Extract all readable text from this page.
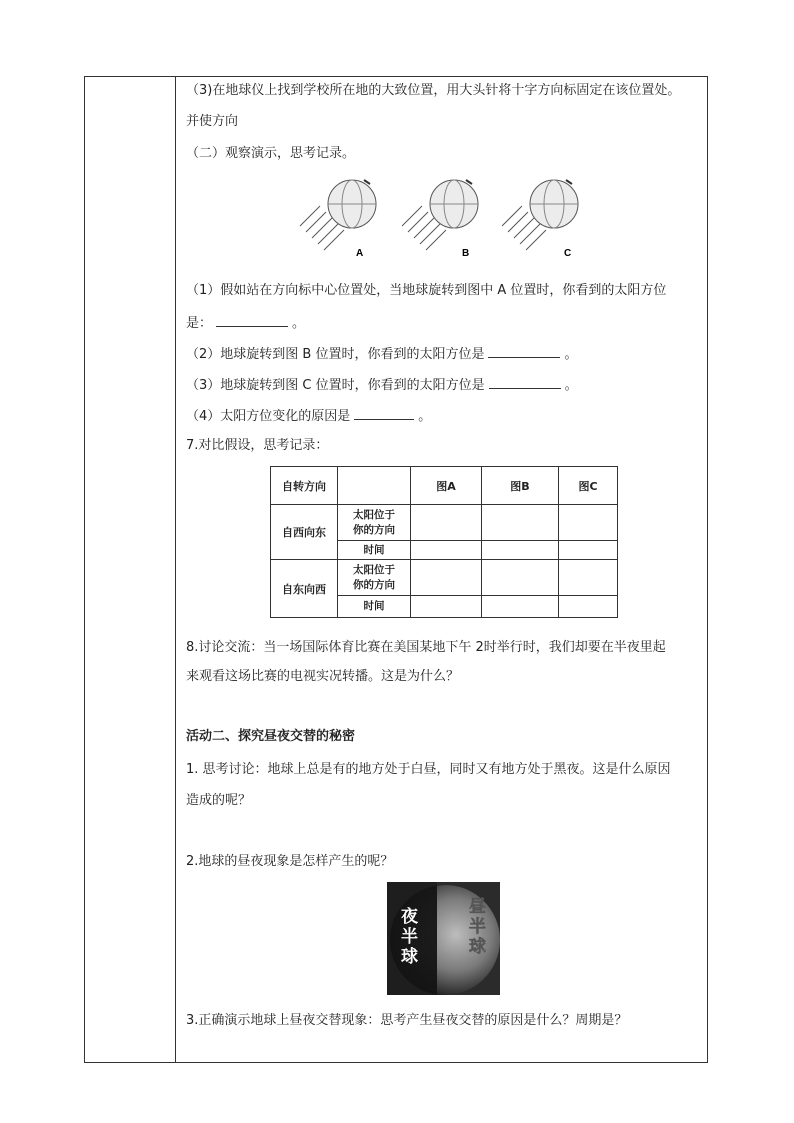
（3)在地球仪上找到学校所在地的大致位置，用大头针将十字方向标固定在该位置处。
并使方向
（二）观察演示，思考记录。
A	B	C
（1）假如站在方向标中心位置处，当地球旋转到图中 A 位置时，你看到的太阳方位
是：	。
（2）地球旋转到图 B 位置时，你看到的太阳方位是	。
（3）地球旋转到图 C 位置时，你看到的太阳方位是	。
（4）太阳方位变化的原因是	。
7.对比假设，思考记录：
自转方向		图A	图B	图C
自西向东	太阳位于
你的方向			

	时间			
自东向西	太阳位于
你的方向			

	时间			
8.讨论交流：当一场国际体育比赛在美国某地下午 2时举行时，我们却要在半夜里起
来观看这场比赛的电视实况转播。这是为什么？
活动二、探究昼夜交替的秘密
1. 思考讨论：地球上总是有的地方处于白昼，同时又有地方处于黑夜。这是什么原因
造成的呢？
2.地球的昼夜现象是怎样产生的呢？
夜
半
球
昼
半
球
3.正确演示地球上昼夜交替现象：思考产生昼夜交替的原因是什么？周期是？
